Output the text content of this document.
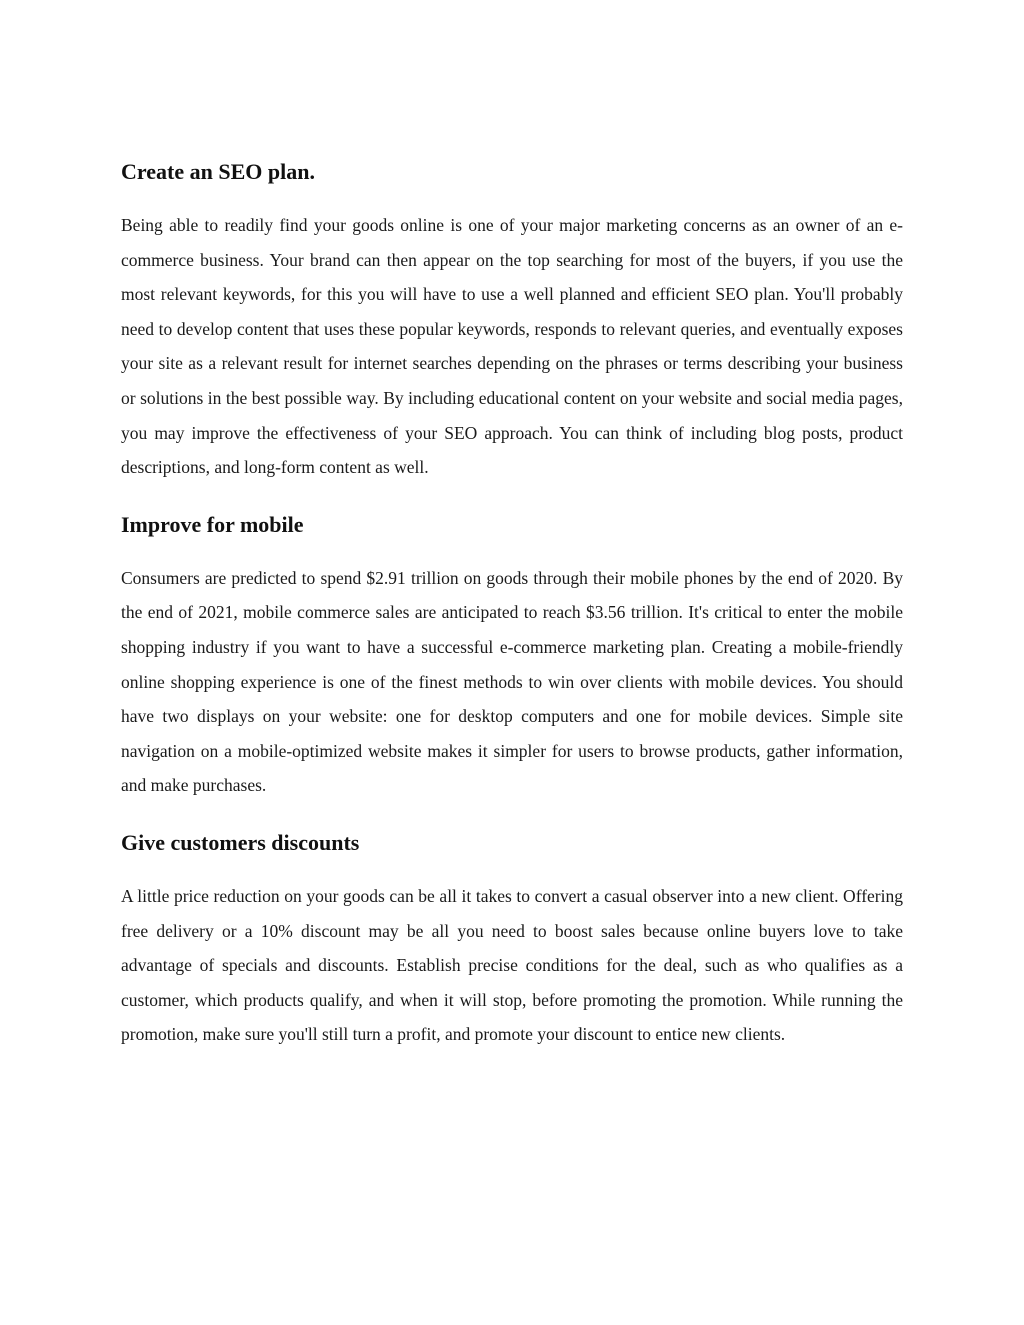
Create an SEO plan.

Being able to readily find your goods online is one of your major marketing concerns as an owner of an e-commerce business. Your brand can then appear on the top searching for most of the buyers, if you use the most relevant keywords, for this you will have to use a well planned and efficient SEO plan. You'll probably need to develop content that uses these popular keywords, responds to relevant queries, and eventually exposes your site as a relevant result for internet searches depending on the phrases or terms describing your business or solutions in the best possible way. By including educational content on your website and social media pages, you may improve the effectiveness of your SEO approach. You can think of including blog posts, product descriptions, and long-form content as well.

Improve for mobile

Consumers are predicted to spend $2.91 trillion on goods through their mobile phones by the end of 2020. By the end of 2021, mobile commerce sales are anticipated to reach $3.56 trillion. It's critical to enter the mobile shopping industry if you want to have a successful e-commerce marketing plan. Creating a mobile-friendly online shopping experience is one of the finest methods to win over clients with mobile devices. You should have two displays on your website: one for desktop computers and one for mobile devices. Simple site navigation on a mobile-optimized website makes it simpler for users to browse products, gather information, and make purchases.

Give customers discounts

A little price reduction on your goods can be all it takes to convert a casual observer into a new client. Offering free delivery or a 10% discount may be all you need to boost sales because online buyers love to take advantage of specials and discounts. Establish precise conditions for the deal, such as who qualifies as a customer, which products qualify, and when it will stop, before promoting the promotion. While running the promotion, make sure you'll still turn a profit, and promote your discount to entice new clients.
